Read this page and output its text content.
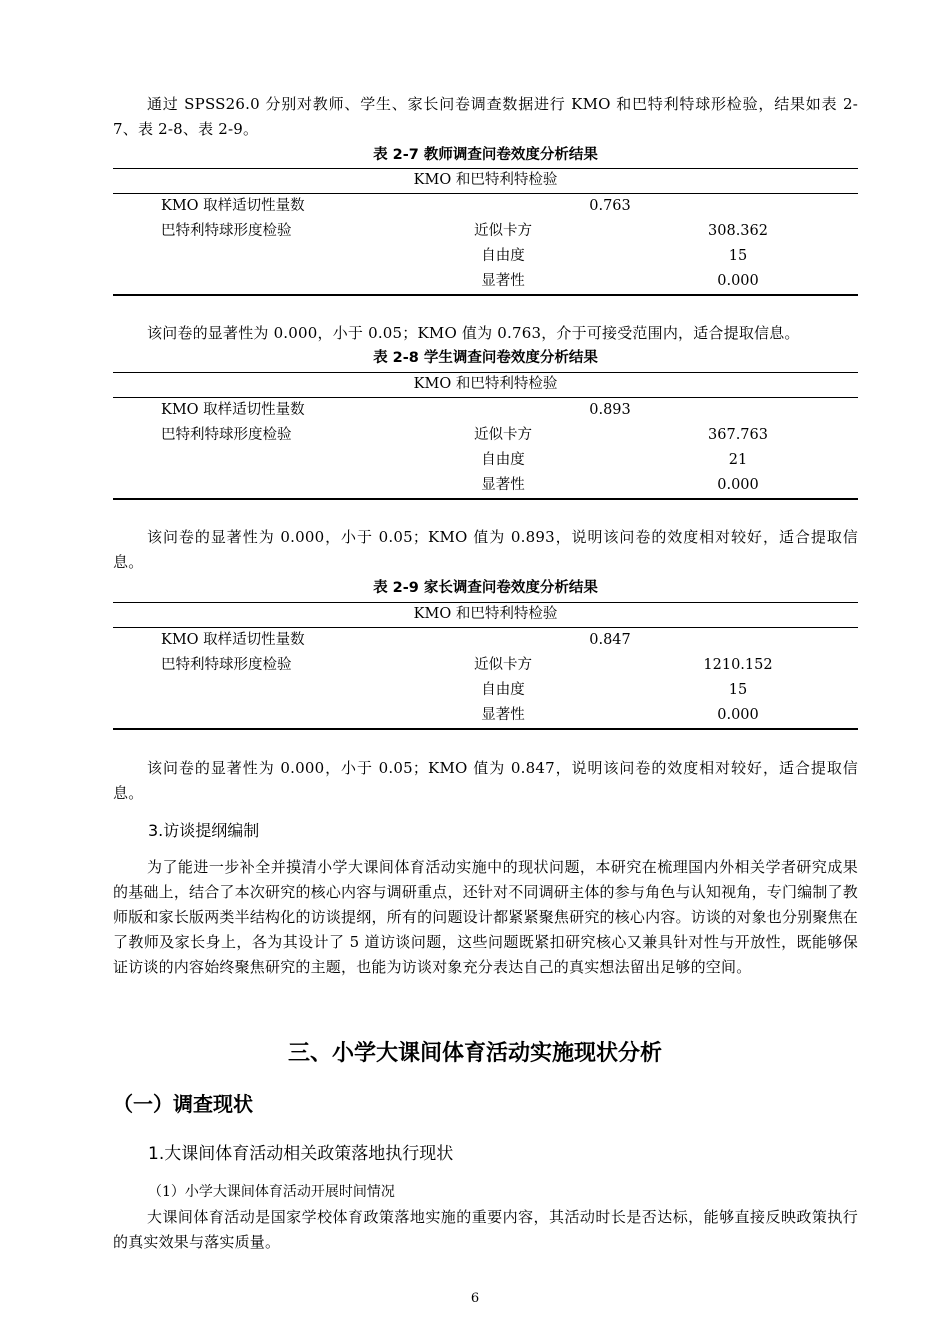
通过 SPSS26.0 分别对教师、学生、家长问卷调查数据进行 KMO 和巴特利特球形检验，结果如表 2-7、表 2-8、表 2-9。

表 2-7 教师调查问卷效度分析结果
KMO 和巴特利特检验
KMO 取样适切性量数	0.763
巴特利特球形度检验	近似卡方	308.362
自由度	15
显著性	0.000

该问卷的显著性为 0.000，小于 0.05；KMO 值为 0.763，介于可接受范围内，适合提取信息。

表 2-8 学生调查问卷效度分析结果
KMO 和巴特利特检验
KMO 取样适切性量数	0.893
巴特利特球形度检验	近似卡方	367.763
自由度	21
显著性	0.000

该问卷的显著性为 0.000，小于 0.05；KMO 值为 0.893，说明该问卷的效度相对较好，适合提取信息。

表 2-9 家长调查问卷效度分析结果
KMO 和巴特利特检验
KMO 取样适切性量数	0.847
巴特利特球形度检验	近似卡方	1210.152
自由度	15
显著性	0.000

该问卷的显著性为 0.000，小于 0.05；KMO 值为 0.847，说明该问卷的效度相对较好，适合提取信息。

3.访谈提纲编制

为了能进一步补全并摸清小学大课间体育活动实施中的现状问题，本研究在梳理国内外相关学者研究成果的基础上，结合了本次研究的核心内容与调研重点，还针对不同调研主体的参与角色与认知视角，专门编制了教师版和家长版两类半结构化的访谈提纲，所有的问题设计都紧紧聚焦研究的核心内容。访谈的对象也分别聚焦在了教师及家长身上，各为其设计了 5 道访谈问题，这些问题既紧扣研究核心又兼具针对性与开放性，既能够保证访谈的内容始终聚焦研究的主题，也能为访谈对象充分表达自己的真实想法留出足够的空间。

三、小学大课间体育活动实施现状分析
（一）调查现状
1.大课间体育活动相关政策落地执行现状
（1）小学大课间体育活动开展时间情况

大课间体育活动是国家学校体育政策落地实施的重要内容，其活动时长是否达标，能够直接反映政策执行的真实效果与落实质量。

6
